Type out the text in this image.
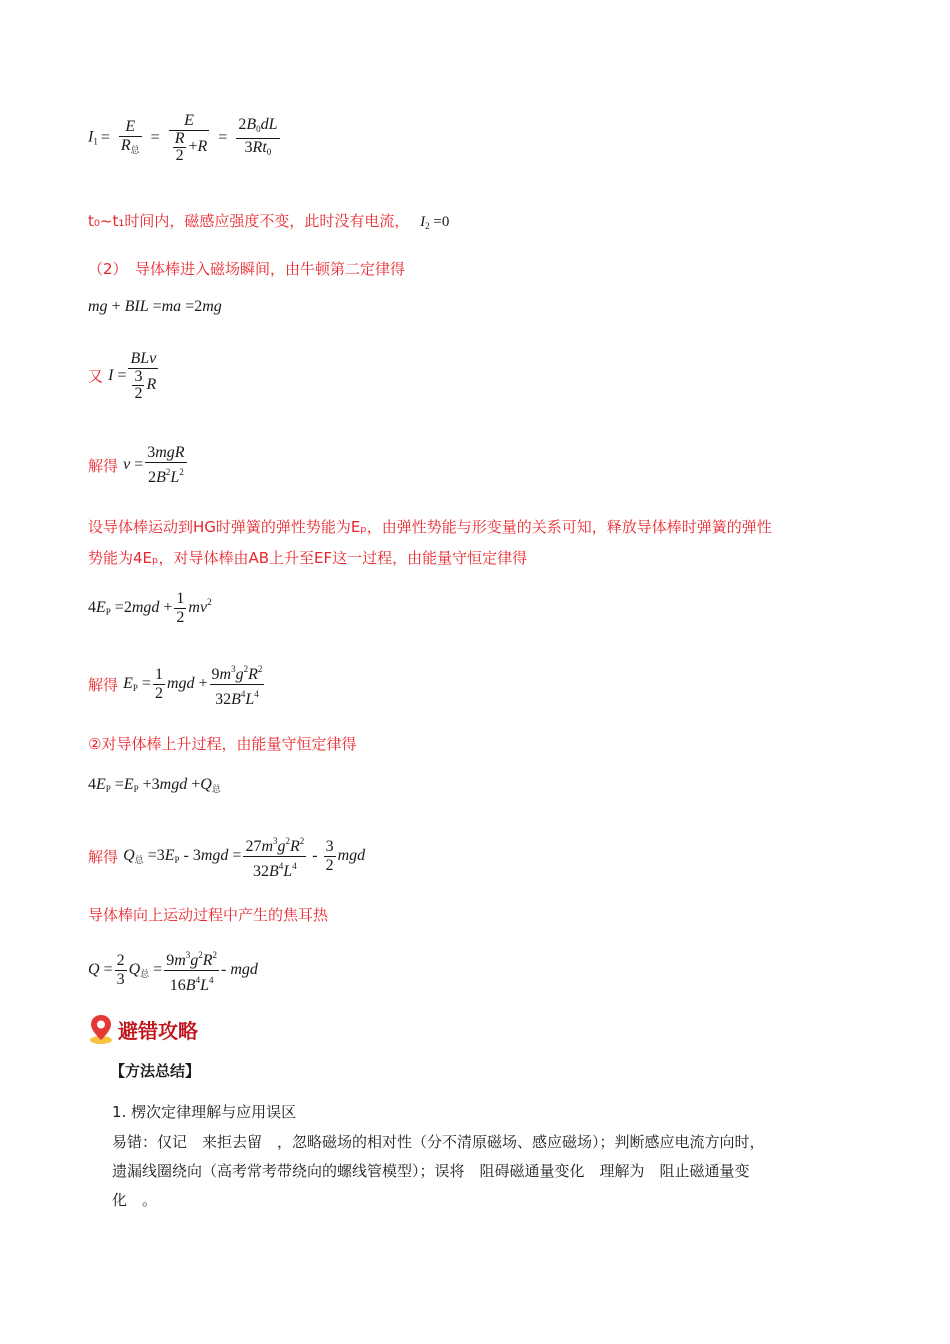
$I_1 = \frac{E}{R_总} = \frac{E}{\frac{R}{2} +R} = \frac{2B_0dL}{3Rt_0}$
t₀~t₁时间内，磁感应强度不变，此时没有电流， $I_2 =0$
（2）　导体棒进入磁场瞬间，由牛顿第二定律得
mg + BIL =ma =2mg
又 $I = \frac{\text{BLv}}{\frac{3}{2} R}$
解得 $v = \frac{\text{3mgR}}{2B^2L^2}$
设导体棒运动到HG时弹簧的弹性势能为Eₚ，由弹性势能与形变量的关系可知，释放导体棒时弹簧的弹性
势能为4Eₚ，对导体棒由AB上升至EF这一过程，由能量守恒定律得
$4E_P =2mgd + \frac{1}{2} mv^2$
解得 $E_P = \frac{1}{2}$ mgd + $\frac{9m^3g^2R^2}{32B^4L^4}$
②对导体棒上升过程，由能量守恒定律得
$4E_P =E_P +3mgd +Q_总$
解得 $Q_总 =3E_P - 3mgd = \frac{27m^3g^2R^2}{32B^4L^4} - \frac{3}{2}$ mgd
导体棒向上运动过程中产生的焦耳热
$Q = \frac{2}{3} Q_总 = \frac{9m^3g^2R^2}{16B^4L^4}$ - mgd
避错攻略
【方法总结】
1. 楞次定律理解与应用误区
易错：仅记　来拒去留　，忽略磁场的相对性（分不清原磁场、感应磁场）；判断感应电流方向时，
遗漏线圈绕向（高考常考带绕向的螺线管模型）；误将　阻碍磁通量变化　理解为　阻止磁通量变
化　。
